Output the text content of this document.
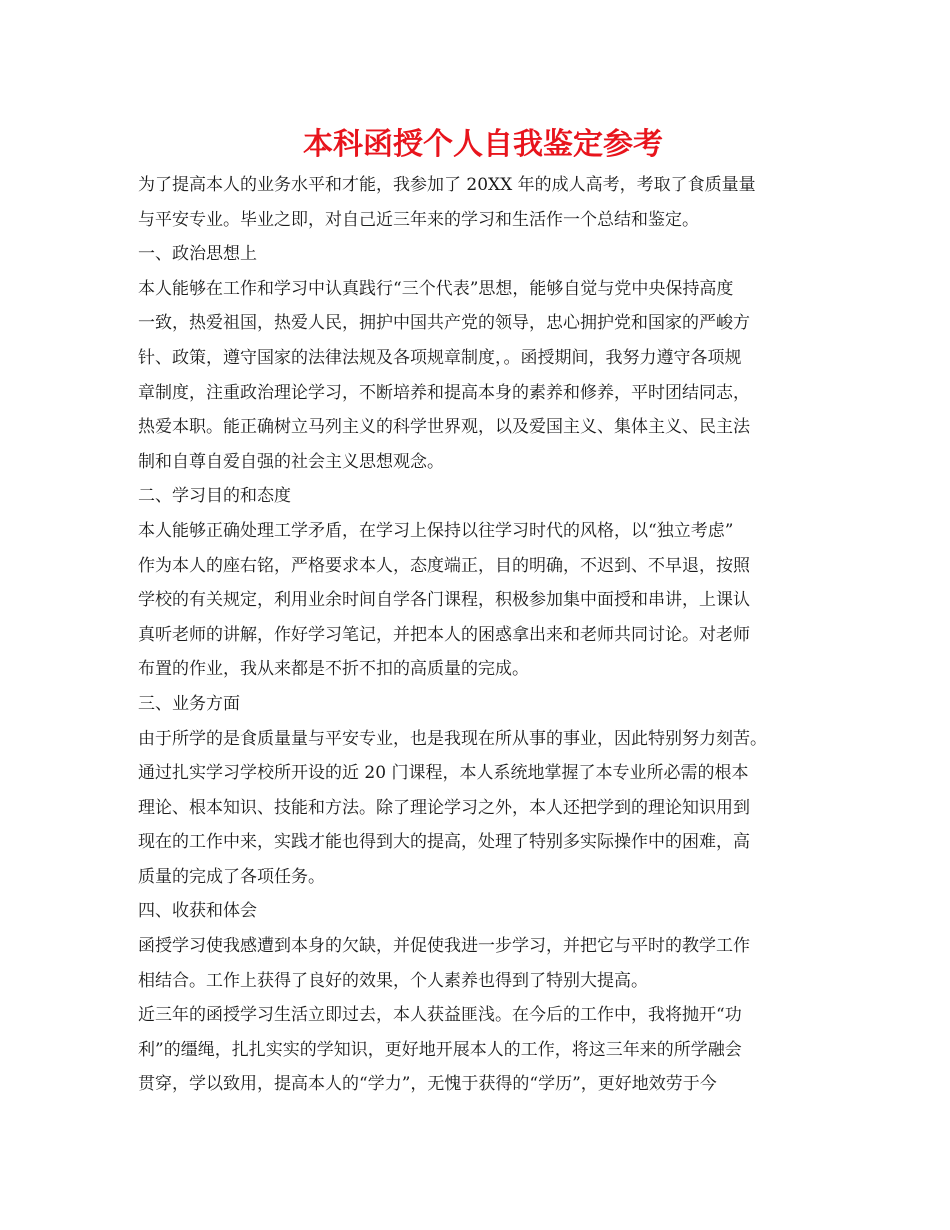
本科函授个人自我鉴定参考
为了提高本人的业务水平和才能，我参加了 20XX 年的成人高考，考取了食质量量
与平安专业。毕业之即，对自己近三年来的学习和生活作一个总结和鉴定。
一、政治思想上
本人能够在工作和学习中认真践行“三个代表”思想，能够自觉与党中央保持高度
一致，热爱祖国，热爱人民，拥护中国共产党的领导，忠心拥护党和国家的严峻方
针、政策，遵守国家的法律法规及各项规章制度，。函授期间，我努力遵守各项规
章制度，注重政治理论学习，不断培养和提高本身的素养和修养，平时团结同志，
热爱本职。能正确树立马列主义的科学世界观，以及爱国主义、集体主义、民主法
制和自尊自爱自强的社会主义思想观念。
二、学习目的和态度
本人能够正确处理工学矛盾，在学习上保持以往学习时代的风格，以“独立考虑”
作为本人的座右铭，严格要求本人，态度端正，目的明确，不迟到、不早退，按照
学校的有关规定，利用业余时间自学各门课程，积极参加集中面授和串讲，上课认
真听老师的讲解，作好学习笔记，并把本人的困惑拿出来和老师共同讨论。对老师
布置的作业，我从来都是不折不扣的高质量的完成。
三、业务方面
由于所学的是食质量量与平安专业，也是我现在所从事的事业，因此特别努力刻苦。
通过扎实学习学校所开设的近 20 门课程，本人系统地掌握了本专业所必需的根本
理论、根本知识、技能和方法。除了理论学习之外，本人还把学到的理论知识用到
现在的工作中来，实践才能也得到大的提高，处理了特别多实际操作中的困难，高
质量的完成了各项任务。
四、收获和体会
函授学习使我感遭到本身的欠缺，并促使我进一步学习，并把它与平时的教学工作
相结合。工作上获得了良好的效果，个人素养也得到了特别大提高。
近三年的函授学习生活立即过去，本人获益匪浅。在今后的工作中，我将抛开“功
利”的缰绳，扎扎实实的学知识，更好地开展本人的工作，将这三年来的所学融会
贯穿，学以致用，提高本人的“学力”，无愧于获得的“学历”，更好地效劳于今
